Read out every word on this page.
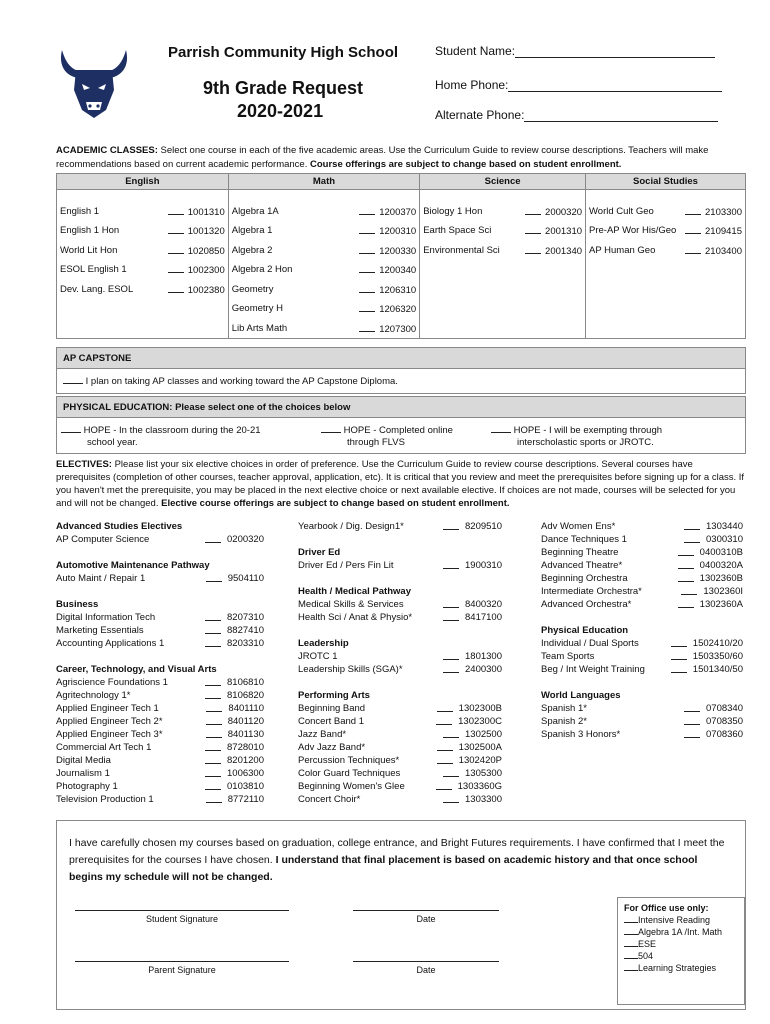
Parrish Community High School
9th Grade Request
2020-2021
Student Name:
Home Phone:
Alternate Phone:
ACADEMIC CLASSES: Select one course in each of the five academic areas. Use the Curriculum Guide to review course descriptions. Teachers will make recommendations based on current academic performance. Course offerings are subject to change based on student enrollment.
English	Math	Science	Social Studies

English 1 1001310	Algebra 1A 1200370	Biology 1 Hon 2000320	World Cult Geo 2103300

English 1 Hon 1001320	Algebra 1 1200310	Earth Space Sci 2001310	Pre-AP Wor His/Geo 2109415

World Lit Hon 1020850	Algebra 2 1200330	Environmental Sci 2001340	AP Human Geo 2103400

ESOL English 1 1002300	Algebra 2 Hon 1200340		

Dev. Lang. ESOL 1002380	Geometry 1206310		

	Geometry H 1206320		

	Lib Arts Math 1207300		

AP CAPSTONE
I plan on taking AP classes and working toward the AP Capstone Diploma.
PHYSICAL EDUCATION: Please select one of the choices below
HOPE - In the classroom during the 20-21
school year.
HOPE - Completed online
through FLVS
HOPE - I will be exempting through
interscholastic sports or JROTC.
ELECTIVES: Please list your six elective choices in order of preference. Use the Curriculum Guide to review course descriptions. Several courses have prerequisites (completion of other courses, teacher approval, application, etc). It is critical that you review and meet the prerequisites before signing up for a class. If you haven't met the prerequisite, you may be placed in the next elective choice or next available elective. If choices are not made, courses will be selected for you and will not be changed. Elective course offerings are subject to change based on student enrollment.
Advanced Studies Electives
AP Computer Science	0200320
Automotive Maintenance Pathway
Auto Maint / Repair 1	9504110
Business
Digital Information Tech	8207310
Marketing Essentials	8827410
Accounting Applications 1	8203310
Career, Technology, and Visual Arts
Agriscience Foundations 1	8106810
Agritechnology 1*	8106820
Applied Engineer Tech 1	8401110
Applied Engineer Tech 2*	8401120
Applied Engineer Tech 3*	8401130
Commercial Art Tech 1	8728010
Digital Media	8201200
Journalism 1	1006300
Photography 1	0103810
Television Production 1	8772110
Yearbook / Dig. Design1*	8209510
Driver Ed
Driver Ed / Pers Fin Lit	1900310
Health / Medical Pathway
Medical Skills & Services	8400320
Health Sci / Anat & Physio*	8417100
Leadership
JROTC 1	1801300
Leadership Skills (SGA)*	2400300
Performing Arts
Beginning Band	1302300B
Concert Band 1	1302300C
Jazz Band*	1302500
Adv Jazz Band*	1302500A
Percussion Techniques*	1302420P
Color Guard Techniques	1305300
Beginning Women's Glee	1303360G
Concert Choir*	1303300
Adv Women Ens*	1303440
Dance Techniques 1	0300310
Beginning Theatre	0400310B
Advanced Theatre*	0400320A
Beginning Orchestra	1302360B
Intermediate Orchestra*	1302360I
Advanced Orchestra*	1302360A
Physical Education
Individual / Dual Sports	1502410/20
Team Sports	1503350/60
Beg / Int Weight Training	1501340/50
World Languages
Spanish 1*	0708340
Spanish 2*	0708350
Spanish 3 Honors*	0708360
I have carefully chosen my courses based on graduation, college entrance, and Bright Futures requirements. I have confirmed that I meet the prerequisites for the courses I have chosen. I understand that final placement is based on academic history and that once school begins my schedule will not be changed.
Student Signature	Date
Parent Signature	Date
For Office use only:
Intensive Reading
Algebra 1A /Int. Math
ESE
504
Learning Strategies
